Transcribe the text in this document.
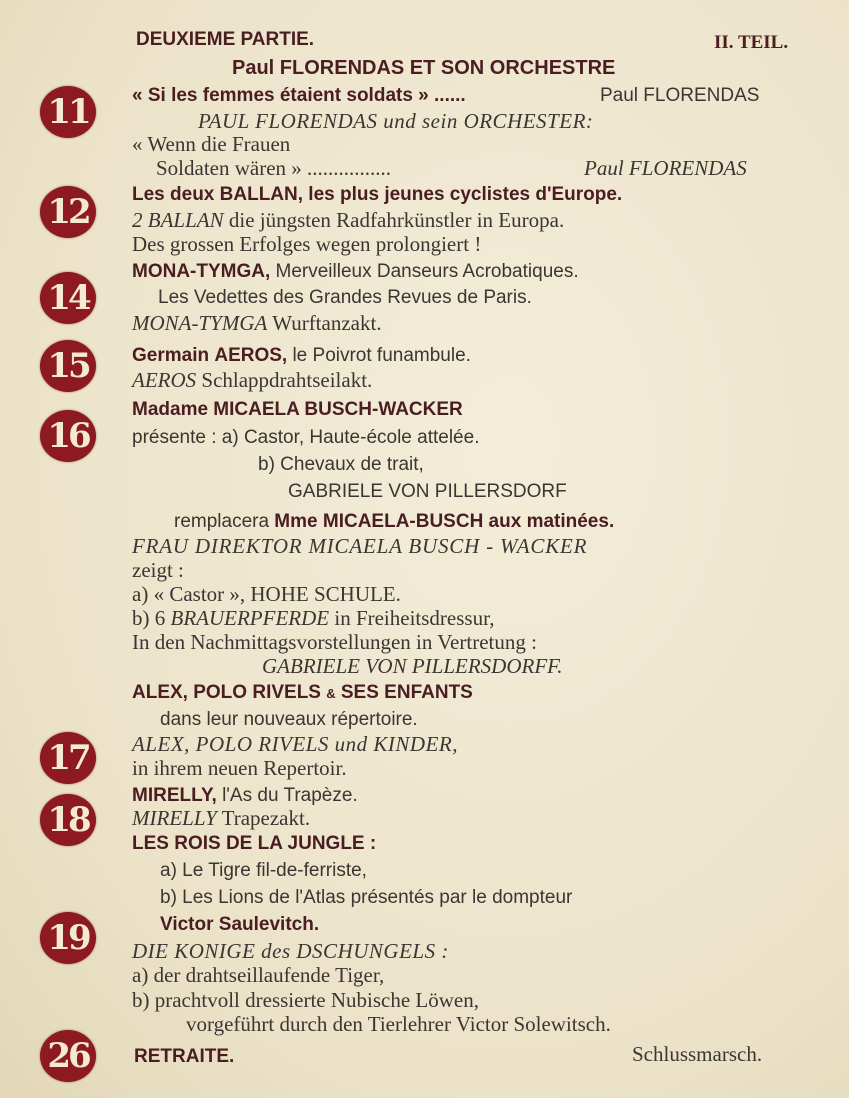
DEUXIEME PARTIE.	II. TEIL.
Paul FLORENDAS ET SON ORCHESTRE
11
12
14
15
16
17
18
19
26
« Si les femmes étaient soldats » ......	Paul FLORENDAS
PAUL FLORENDAS und sein ORCHESTER:
« Wenn die Frauen
Soldaten wären » ................	Paul FLORENDAS
Les deux BALLAN, les plus jeunes cyclistes d'Europe.
2 BALLAN die jüngsten Radfahrkünstler in Europa.
Des grossen Erfolges wegen prolongiert !
MONA-TYMGA, Merveilleux Danseurs Acrobatiques.
Les Vedettes des Grandes Revues de Paris.
MONA-TYMGA Wurftanzakt.
Germain AEROS, le Poivrot funambule.
AEROS Schlappdrahtseilakt.
Madame MICAELA BUSCH-WACKER
présente : a) Castor, Haute-école attelée.
b) Chevaux de trait,
GABRIELE VON PILLERSDORF
remplacera Mme MICAELA-BUSCH aux matinées.
FRAU DIREKTOR MICAELA BUSCH - WACKER
zeigt :
a) « Castor », HOHE SCHULE.
b) 6 BRAUERPFERDE in Freiheitsdressur,
In den Nachmittagsvorstellungen in Vertretung :
GABRIELE VON PILLERSDORFF.
ALEX, POLO RIVELS & SES ENFANTS
dans leur nouveaux répertoire.
ALEX, POLO RIVELS und KINDER,
in ihrem neuen Repertoir.
MIRELLY, l'As du Trapèze.
MIRELLY Trapezakt.
LES ROIS DE LA JUNGLE :
a) Le Tigre fil-de-ferriste,
b) Les Lions de l'Atlas présentés par le dompteur
Victor Saulevitch.
DIE KONIGE des DSCHUNGELS :
a) der drahtseillaufende Tiger,
b) prachtvoll dressierte Nubische Löwen,
vorgeführt durch den Tierlehrer Victor Solewitsch.
RETRAITE.	Schlussmarsch.
